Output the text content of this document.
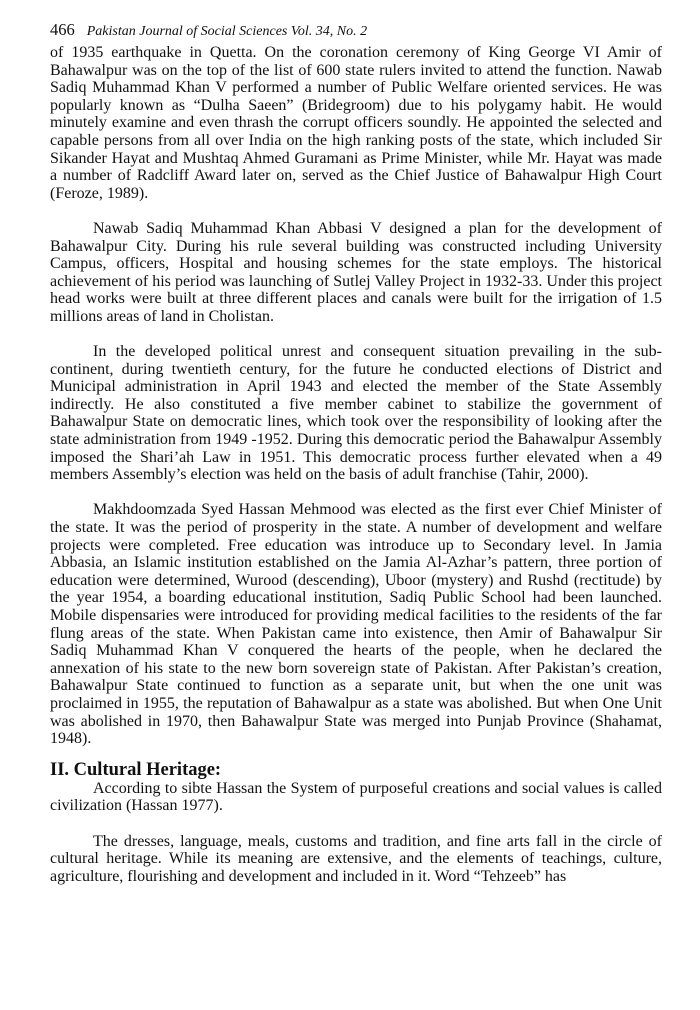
466 Pakistan Journal of Social Sciences Vol. 34, No. 2

of 1935 earthquake in Quetta. On the coronation ceremony of King George VI Amir of Bahawalpur was on the top of the list of 600 state rulers invited to attend the function. Nawab Sadiq Muhammad Khan V performed a number of Public Welfare oriented services. He was popularly known as “Dulha Saeen” (Bridegroom) due to his polygamy habit. He would minutely examine and even thrash the corrupt officers soundly. He appointed the selected and capable persons from all over India on the high ranking posts of the state, which included Sir Sikander Hayat and Mushtaq Ahmed Guramani as Prime Minister, while Mr. Hayat was made a number of Radcliff Award later on, served as the Chief Justice of Bahawalpur High Court (Feroze, 1989).

Nawab Sadiq Muhammad Khan Abbasi V designed a plan for the development of Bahawalpur City. During his rule several building was constructed including University Campus, officers, Hospital and housing schemes for the state employs. The historical achievement of his period was launching of Sutlej Valley Project in 1932-33. Under this project head works were built at three different places and canals were built for the irrigation of 1.5 millions areas of land in Cholistan.

In the developed political unrest and consequent situation prevailing in the sub-continent, during twentieth century, for the future he conducted elections of District and Municipal administration in April 1943 and elected the member of the State Assembly indirectly. He also constituted a five member cabinet to stabilize the government of Bahawalpur State on democratic lines, which took over the responsibility of looking after the state administration from 1949 -1952. During this democratic period the Bahawalpur Assembly imposed the Shari’ah Law in 1951. This democratic process further elevated when a 49 members Assembly’s election was held on the basis of adult franchise (Tahir, 2000).

Makhdoomzada Syed Hassan Mehmood was elected as the first ever Chief Minister of the state. It was the period of prosperity in the state. A number of development and welfare projects were completed. Free education was introduce up to Secondary level. In Jamia Abbasia, an Islamic institution established on the Jamia Al-Azhar’s pattern, three portion of education were determined, Wurood (descending), Uboor (mystery) and Rushd (rectitude) by the year 1954, a boarding educational institution, Sadiq Public School had been launched. Mobile dispensaries were introduced for providing medical facilities to the residents of the far flung areas of the state. When Pakistan came into existence, then Amir of Bahawalpur Sir Sadiq Muhammad Khan V conquered the hearts of the people, when he declared the annexation of his state to the new born sovereign state of Pakistan. After Pakistan’s creation, Bahawalpur State continued to function as a separate unit, but when the one unit was proclaimed in 1955, the reputation of Bahawalpur as a state was abolished. But when One Unit was abolished in 1970, then Bahawalpur State was merged into Punjab Province (Shahamat, 1948).

II. Cultural Heritage:

According to sibte Hassan the System of purposeful creations and social values is called civilization (Hassan 1977).

The dresses, language, meals, customs and tradition, and fine arts fall in the circle of cultural heritage. While its meaning are extensive, and the elements of teachings, culture, agriculture, flourishing and development and included in it. Word “Tehzeeb” has
